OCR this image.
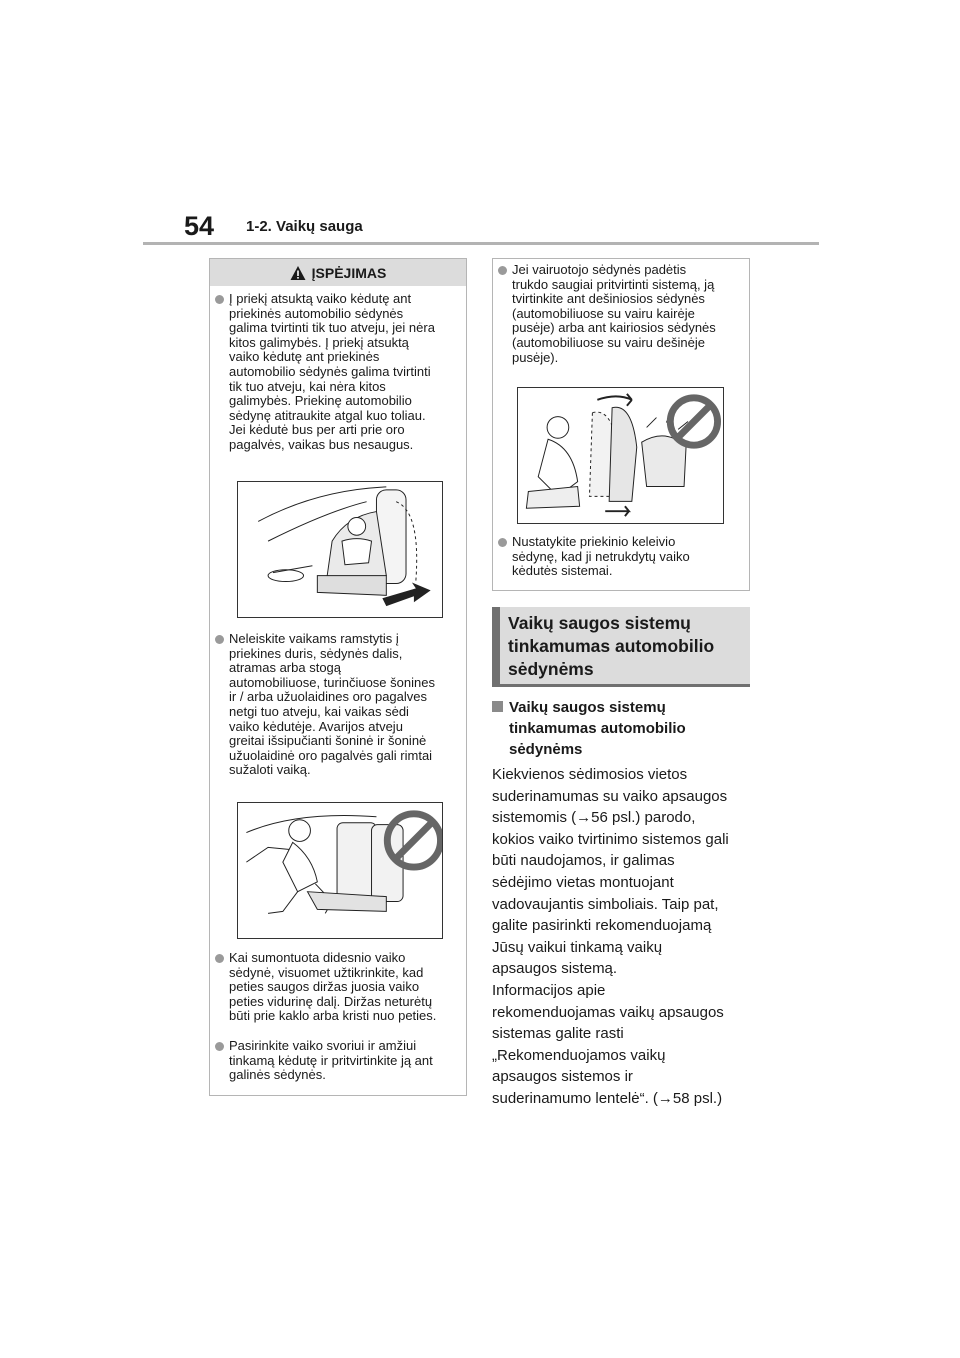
54 1-2. Vaikų sauga
ĮSPĖJIMAS
Į priekį atsuktą vaiko kėdutę ant
priekinės automobilio sėdynės
galima tvirtinti tik tuo atveju, jei nėra
kitos galimybės. Į priekį atsuktą
vaiko kėdutę ant priekinės
automobilio sėdynės galima tvirtinti
tik tuo atveju, kai nėra kitos
galimybės. Priekinę automobilio
sėdynę atitraukite atgal kuo toliau.
Jei kėdutė bus per arti prie oro
pagalvės, vaikas bus nesaugus.
Neleiskite vaikams ramstytis į
priekines duris, sėdynės dalis,
atramas arba stogą
automobiliuose, turinčiuose šonines
ir / arba užuolaidines oro pagalves
netgi tuo atveju, kai vaikas sėdi
vaiko kėdutėje. Avarijos atveju
greitai išsipučianti šoninė ir šoninė
užuolaidinė oro pagalvės gali rimtai
sužaloti vaiką.
Kai sumontuota didesnio vaiko
sėdynė, visuomet užtikrinkite, kad
peties saugos diržas juosia vaiko
peties vidurinę dalį. Diržas neturėtų
būti prie kaklo arba kristi nuo peties.
Pasirinkite vaiko svoriui ir amžiui
tinkamą kėdutę ir pritvirtinkite ją ant
galinės sėdynės.
Jei vairuotojo sėdynės padėtis
trukdo saugiai pritvirtinti sistemą, ją
tvirtinkite ant dešiniosios sėdynės
(automobiliuose su vairu kairėje
pusėje) arba ant kairiosios sėdynės
(automobiliuose su vairu dešinėje
pusėje).
Nustatykite priekinio keleivio
sėdynę, kad ji netrukdytų vaiko
kėdutės sistemai.
Vaikų saugos sistemų
tinkamumas automobilio
sėdynėms
Vaikų saugos sistemų
tinkamumas automobilio
sėdynėms
Kiekvienos sėdimosios vietos
suderinamumas su vaiko apsaugos
sistemomis (→56 psl.) parodo,
kokios vaiko tvirtinimo sistemos gali
būti naudojamos, ir galimas
sėdėjimo vietas montuojant
vadovaujantis simboliais. Taip pat,
galite pasirinkti rekomenduojamą
Jūsų vaikui tinkamą vaikų
apsaugos sistemą.
Informacijos apie
rekomenduojamas vaikų apsaugos
sistemas galite rasti
„Rekomenduojamos vaikų
apsaugos sistemos ir
suderinamumo lentelė“. (→58 psl.)
